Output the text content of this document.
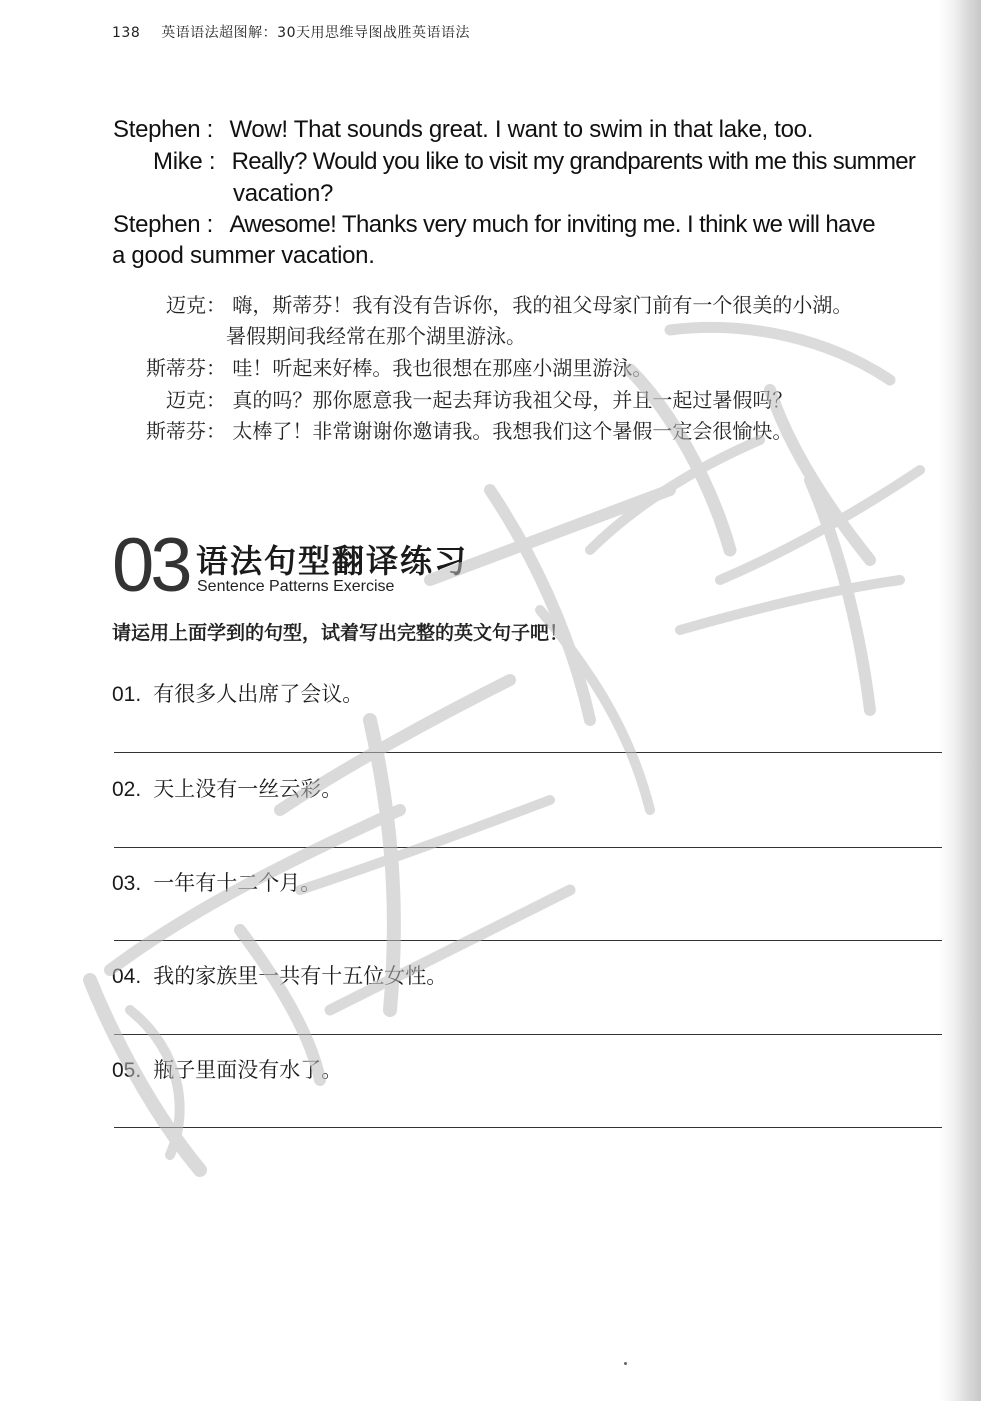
138 英语语法超图解：30天用思维导图战胜英语语法
Stephen : Wow! That sounds great. I want to swim in that lake, too.
Mike : Really? Would you like to visit my grandparents with me this summer
vacation?
Stephen : Awesome! Thanks very much for inviting me. I think we will have
a good summer vacation.
迈克： 嗨，斯蒂芬！我有没有告诉你，我的祖父母家门前有一个很美的小湖。
暑假期间我经常在那个湖里游泳。
斯蒂芬： 哇！听起来好棒。我也很想在那座小湖里游泳。
迈克： 真的吗？那你愿意我一起去拜访我祖父母，并且一起过暑假吗？
斯蒂芬： 太棒了！非常谢谢你邀请我。我想我们这个暑假一定会很愉快。
03 语法句型翻译练习
Sentence Patterns Exercise
请运用上面学到的句型，试着写出完整的英文句子吧！
01. 有很多人出席了会议。
02. 天上没有一丝云彩。
03. 一年有十二个月。
04. 我的家族里一共有十五位女性。
05. 瓶子里面没有水了。
